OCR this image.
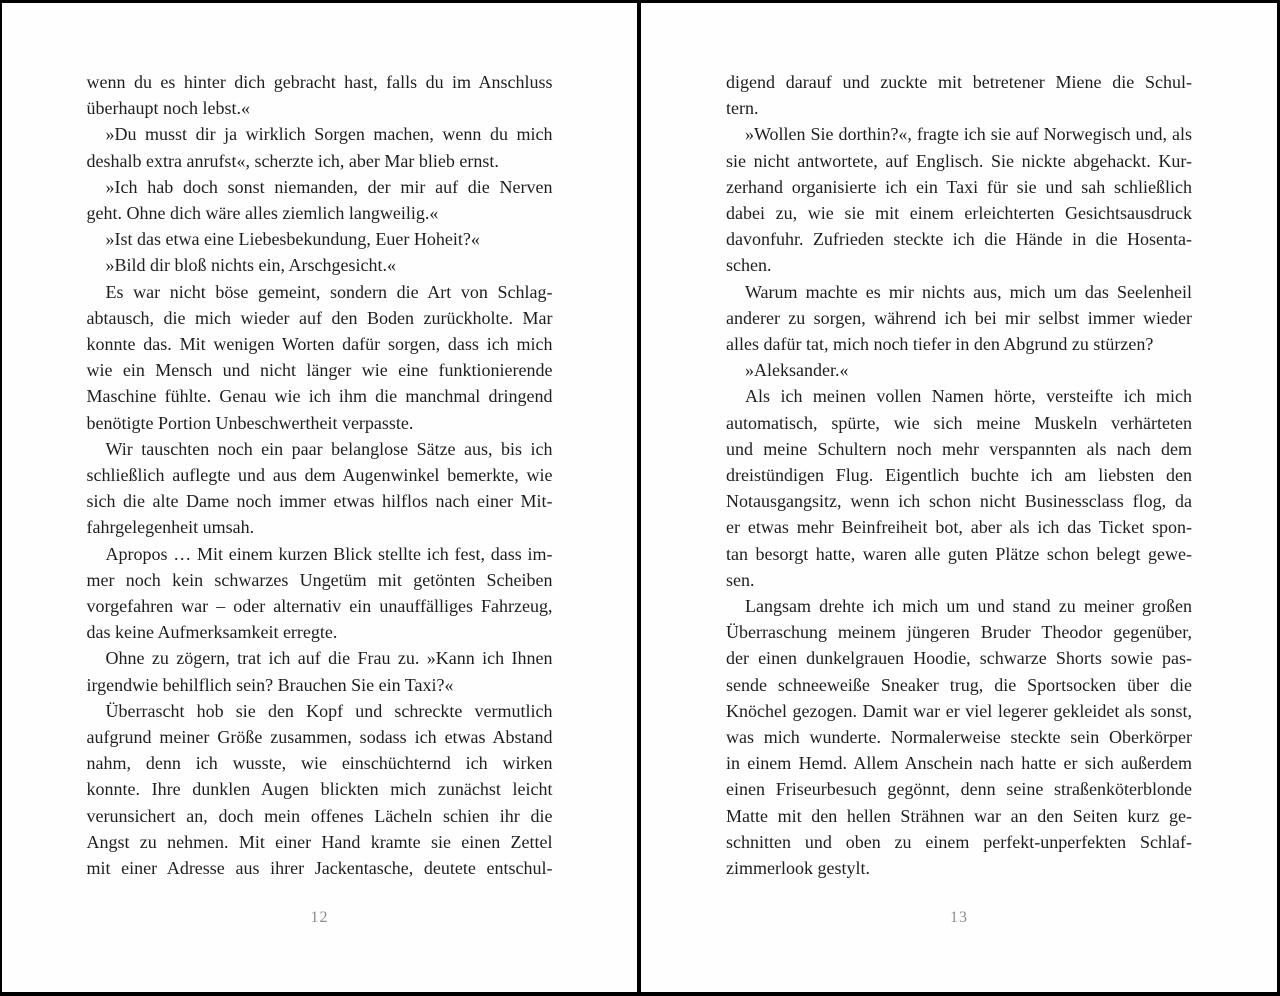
wenn du es hinter dich gebracht hast, falls du im Anschluss
überhaupt noch lebst.«
»Du musst dir ja wirklich Sorgen machen, wenn du mich
deshalb extra anrufst«, scherzte ich, aber Mar blieb ernst.
»Ich hab doch sonst niemanden, der mir auf die Nerven
geht. Ohne dich wäre alles ziemlich langweilig.«
»Ist das etwa eine Liebesbekundung, Euer Hoheit?«
»Bild dir bloß nichts ein, Arschgesicht.«
Es war nicht böse gemeint, sondern die Art von Schlag-
abtausch, die mich wieder auf den Boden zurückholte. Mar
konnte das. Mit wenigen Worten dafür sorgen, dass ich mich
wie ein Mensch und nicht länger wie eine funktionierende
Maschine fühlte. Genau wie ich ihm die manchmal dringend
benötigte Portion Unbeschwertheit verpasste.
Wir tauschten noch ein paar belanglose Sätze aus, bis ich
schließlich auflegte und aus dem Augenwinkel bemerkte, wie
sich die alte Dame noch immer etwas hilflos nach einer Mit-
fahrgelegenheit umsah.
Apropos … Mit einem kurzen Blick stellte ich fest, dass im-
mer noch kein schwarzes Ungetüm mit getönten Scheiben
vorgefahren war – oder alternativ ein unauffälliges Fahrzeug,
das keine Aufmerksamkeit erregte.
Ohne zu zögern, trat ich auf die Frau zu. »Kann ich Ihnen
irgendwie behilflich sein? Brauchen Sie ein Taxi?«
Überrascht hob sie den Kopf und schreckte vermutlich
aufgrund meiner Größe zusammen, sodass ich etwas Abstand
nahm, denn ich wusste, wie einschüchternd ich wirken
konnte. Ihre dunklen Augen blickten mich zunächst leicht
verunsichert an, doch mein offenes Lächeln schien ihr die
Angst zu nehmen. Mit einer Hand kramte sie einen Zettel
mit einer Adresse aus ihrer Jackentasche, deutete entschul-
12
digend darauf und zuckte mit betretener Miene die Schul-
tern.
»Wollen Sie dorthin?«, fragte ich sie auf Norwegisch und, als
sie nicht antwortete, auf Englisch. Sie nickte abgehackt. Kur-
zerhand organisierte ich ein Taxi für sie und sah schließlich
dabei zu, wie sie mit einem erleichterten Gesichtsausdruck
davonfuhr. Zufrieden steckte ich die Hände in die Hosenta-
schen.
Warum machte es mir nichts aus, mich um das Seelenheil
anderer zu sorgen, während ich bei mir selbst immer wieder
alles dafür tat, mich noch tiefer in den Abgrund zu stürzen?
»Aleksander.«
Als ich meinen vollen Namen hörte, versteifte ich mich
automatisch, spürte, wie sich meine Muskeln verhärteten
und meine Schultern noch mehr verspannten als nach dem
dreistündigen Flug. Eigentlich buchte ich am liebsten den
Notausgangsitz, wenn ich schon nicht Businessclass flog, da
er etwas mehr Beinfreiheit bot, aber als ich das Ticket spon-
tan besorgt hatte, waren alle guten Plätze schon belegt gewe-
sen.
Langsam drehte ich mich um und stand zu meiner großen
Überraschung meinem jüngeren Bruder Theodor gegenüber,
der einen dunkelgrauen Hoodie, schwarze Shorts sowie pas-
sende schneeweiße Sneaker trug, die Sportsocken über die
Knöchel gezogen. Damit war er viel legerer gekleidet als sonst,
was mich wunderte. Normalerweise steckte sein Oberkörper
in einem Hemd. Allem Anschein nach hatte er sich außerdem
einen Friseurbesuch gegönnt, denn seine straßenköterblonde
Matte mit den hellen Strähnen war an den Seiten kurz ge-
schnitten und oben zu einem perfekt-unperfekten Schlaf-
zimmerlook gestylt.
13
